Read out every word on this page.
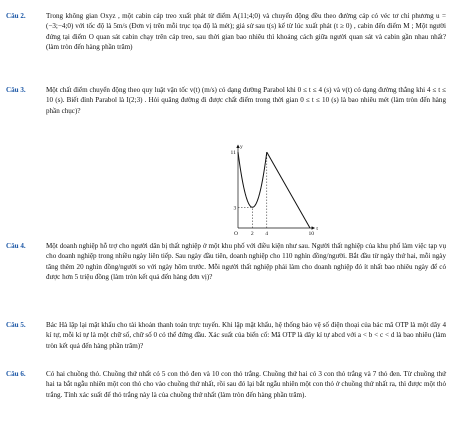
Câu 2.	Trong không gian Oxyz , một cabin cáp treo xuất phát từ điểm A(11;4;0) và chuyển động đều theo đường cáp có véc tơ chỉ phương u = (−3;−4;0) với tốc độ là 5m/s (Đơn vị trên mỗi trục tọa độ là mét); giả sử sau t(s) kể từ lúc xuất phát (t ≥ 0) , cabin đến điểm M ; Một người đứng tại điểm O quan sát cabin chạy trên cáp treo, sau thời gian bao nhiêu thì khoảng cách giữa người quan sát và cabin gần nhau nhất? (làm tròn đến hàng phần trăm)
Câu 3.	Một chất điểm chuyển động theo quy luật vận tốc v(t) (m/s) có dạng đường Parabol khi 0 ≤ t ≤ 4 (s) và v(t) có dạng đường thẳng khi 4 ≤ t ≤ 10 (s). Biết đỉnh Parabol là I(2;3) . Hỏi quãng đường đi được chất điểm trong thời gian 0 ≤ t ≤ 10 (s) là bao nhiêu mét (làm tròn đến hàng phần chục)?
O 2 4	10
11
3
t
y
Câu 4.	Một doanh nghiệp hỗ trợ cho người dân bị thất nghiệp ở một khu phố với điều kiện như sau. Người thất nghiệp của khu phố làm việc tạp vụ cho doanh nghiệp trong nhiều ngày liên tiếp. Sau ngày đầu tiên, doanh nghiệp cho 110 nghìn đồng/người. Bắt đầu từ ngày thứ hai, mỗi ngày tăng thêm 20 nghìn đồng/người so với ngày hôm trước. Mỗi người thất nghiệp phải làm cho doanh nghiệp đó ít nhất bao nhiêu ngày để có được hơn 5 triệu đồng (làm tròn kết quả đến hàng đơn vị)?
Câu 5.	Bác Hà lập lại mật khẩu cho tài khoản thanh toán trực tuyến. Khi lập mật khẩu, hệ thống bảo vệ số điện thoại của bác mã OTP là một dãy 4 kí tự, mỗi kí tự là một chữ số, chữ số 0 có thể đứng đầu. Xác suất của biến cố: Mã OTP là dãy kí tự abcd với a < b < c < d là bao nhiêu (làm tròn kết quả đến hàng phần trăm)?
Câu 6.	Có hai chuồng thỏ. Chuồng thứ nhất có 5 con thỏ đen và 10 con thỏ trắng. Chuồng thứ hai có 3 con thỏ trắng và 7 thỏ đen. Từ chuồng thứ hai ta bắt ngẫu nhiên một con thỏ cho vào chuồng thứ nhất, rồi sau đó lại bắt ngẫu nhiên một con thỏ ở chuồng thứ nhất ra, thì được một thỏ trắng. Tính xác suất để thỏ trắng này là của chuồng thứ nhất (làm tròn đến hàng phần trăm).
